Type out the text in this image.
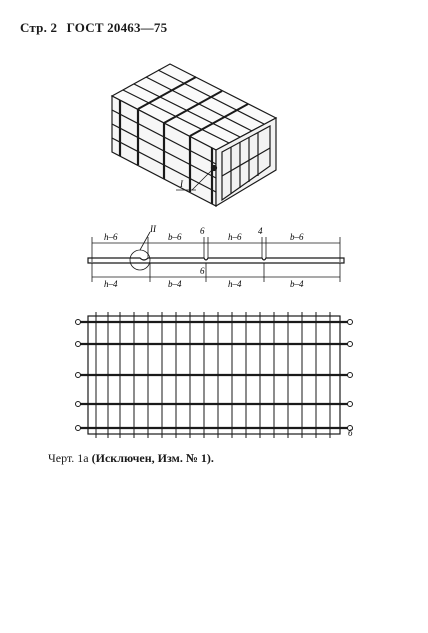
Стр. 2 ГОСТ 20463—75
I
II
h–6	b–6	h–6	b–6
6	4
h–4	b–4	h–4	b–4
6
б
Черт. 1а (Исключен, Изм. № 1).
